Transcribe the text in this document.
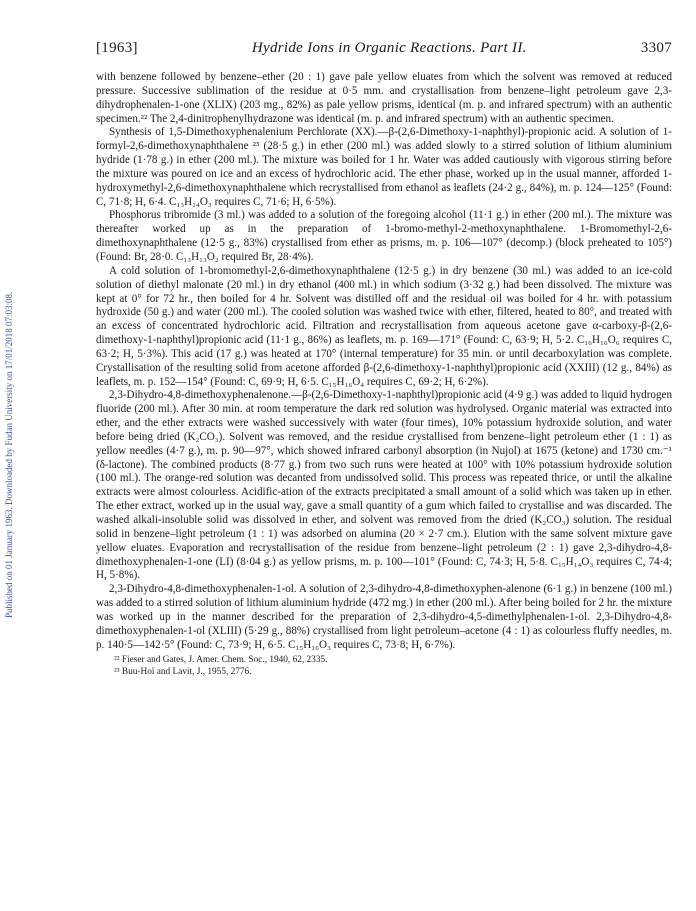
Published on 01 January 1963. Downloaded by Fudan University on 17/01/2018 07:03:08.
[1963]	Hydride Ions in Organic Reactions. Part II.	3307

with benzene followed by benzene–ether (20 : 1) gave pale yellow eluates from which the solvent was removed at reduced pressure. Successive sublimation of the residue at 0·5 mm. and crystallisation from benzene–light petroleum gave 2,3-dihydrophenalen-1-one (XLIX) (203 mg., 82%) as pale yellow prisms, identical (m. p. and infrared spectrum) with an authentic specimen.²² The 2,4-dinitrophenylhydrazone was identical (m. p. and infrared spectrum) with an authentic specimen.

Synthesis of 1,5-Dimethoxyphenalenium Perchlorate (XX).—β-(2,6-Dimethoxy-1-naphthyl)-propionic acid. A solution of 1-formyl-2,6-dimethoxynaphthalene ²³ (28·5 g.) in ether (200 ml.) was added slowly to a stirred solution of lithium aluminium hydride (1·78 g.) in ether (200 ml.). The mixture was boiled for 1 hr. Water was added cautiously with vigorous stirring before the mixture was poured on ice and an excess of hydrochloric acid. The ether phase, worked up in the usual manner, afforded 1-hydroxymethyl-2,6-dimethoxynaphthalene which recrystallised from ethanol as leaflets (24·2 g., 84%), m. p. 124—125° (Found: C, 71·8; H, 6·4. C₁₃H₁₄O₃ requires C, 71·6; H, 6·5%).

Phosphorus tribromide (3 ml.) was added to a solution of the foregoing alcohol (11·1 g.) in ether (200 ml.). The mixture was thereafter worked up as in the preparation of 1-bromo-methyl-2-methoxynaphthalene. 1-Bromomethyl-2,6-dimethoxynaphthalene (12·5 g., 83%) crystallised from ether as prisms, m. p. 106—107° (decomp.) (block preheated to 105°) (Found: Br, 28·0. C₁₃H₁₃O₂ required Br, 28·4%).

A cold solution of 1-bromomethyl-2,6-dimethoxynaphthalene (12·5 g.) in dry benzene (30 ml.) was added to an ice-cold solution of diethyl malonate (20 ml.) in dry ethanol (400 ml.) in which sodium (3·32 g.) had been dissolved. The mixture was kept at 0° for 72 hr., then boiled for 4 hr. Solvent was distilled off and the residual oil was boiled for 4 hr. with potassium hydroxide (50 g.) and water (200 ml.). The cooled solution was washed twice with ether, filtered, heated to 80°, and treated with an excess of concentrated hydrochloric acid. Filtration and recrystallisation from aqueous acetone gave α-carboxy-β-(2,6-dimethoxy-1-naphthyl)propionic acid (11·1 g., 86%) as leaflets, m. p. 169—171° (Found: C, 63·9; H, 5·2. C₁₆H₁₆O₆ requires C, 63·2; H, 5·3%). This acid (17 g.) was heated at 170° (internal temperature) for 35 min. or until decarboxylation was complete. Crystallisation of the resulting solid from acetone afforded β-(2,6-dimethoxy-1-naphthyl)propionic acid (XXIII) (12 g., 84%) as leaflets, m. p. 152—154° (Found: C, 69·9; H, 6·5. C₁₅H₁₆O₄ requires C, 69·2; H, 6·2%).

2,3-Dihydro-4,8-dimethoxyphenalenone.—β-(2,6-Dimethoxy-1-naphthyl)propionic acid (4·9 g.) was added to liquid hydrogen fluoride (200 ml.). After 30 min. at room temperature the dark red solution was hydrolysed. Organic material was extracted into ether, and the ether extracts were washed successively with water (four times), 10% potassium hydroxide solution, and water before being dried (K₂CO₃). Solvent was removed, and the residue crystallised from benzene–light petroleum ether (1 : 1) as yellow needles (4·7 g.), m. p. 90—97°, which showed infrared carbonyl absorption (in Nujol) at 1675 (ketone) and 1730 cm.⁻¹ (δ-lactone). The combined products (8·77 g.) from two such runs were heated at 100° with 10% potassium hydroxide solution (100 ml.). The orange-red solution was decanted from undissolved solid. This process was repeated thrice, or until the alkaline extracts were almost colourless. Acidific-ation of the extracts precipitated a small amount of a solid which was taken up in ether. The ether extract, worked up in the usual way, gave a small quantity of a gum which failed to crystallise and was discarded. The washed alkali-insoluble solid was dissolved in ether, and solvent was removed from the dried (K₂CO₃) solution. The residual solid in benzene–light petroleum (1 : 1) was adsorbed on alumina (20 × 2·7 cm.). Elution with the same solvent mixture gave yellow eluates. Evaporation and recrystallisation of the residue from benzene–light petroleum (2 : 1) gave 2,3-dihydro-4,8-dimethoxyphenalen-1-one (LI) (8·04 g.) as yellow prisms, m. p. 100—101° (Found: C, 74·3; H, 5·8. C₁₅H₁₄O₃ requires C, 74·4; H, 5·8%).

2,3-Dihydro-4,8-dimethoxyphenalen-1-ol. A solution of 2,3-dihydro-4,8-dimethoxyphen-alenone (6·1 g.) in benzene (100 ml.) was added to a stirred solution of lithium aluminium hydride (472 mg.) in ether (200 ml.). After being boiled for 2 hr. the mixture was worked up in the manner described for the preparation of 2,3-dihydro-4,5-dimethylphenalen-1-ol. 2,3-Dihydro-4,8-dimethoxyphenalen-1-ol (XLIII) (5·29 g., 88%) crystallised from light petroleum–acetone (4 : 1) as colourless fluffy needles, m. p. 140·5—142·5° (Found: C, 73·9; H, 6·5. C₁₅H₁₆O₃ requires C, 73·8; H, 6·7%).

²² Fieser and Gates, J. Amer. Chem. Soc., 1940, 62, 2335.
²³ Buu-Hoï and Lavit, J., 1955, 2776.
